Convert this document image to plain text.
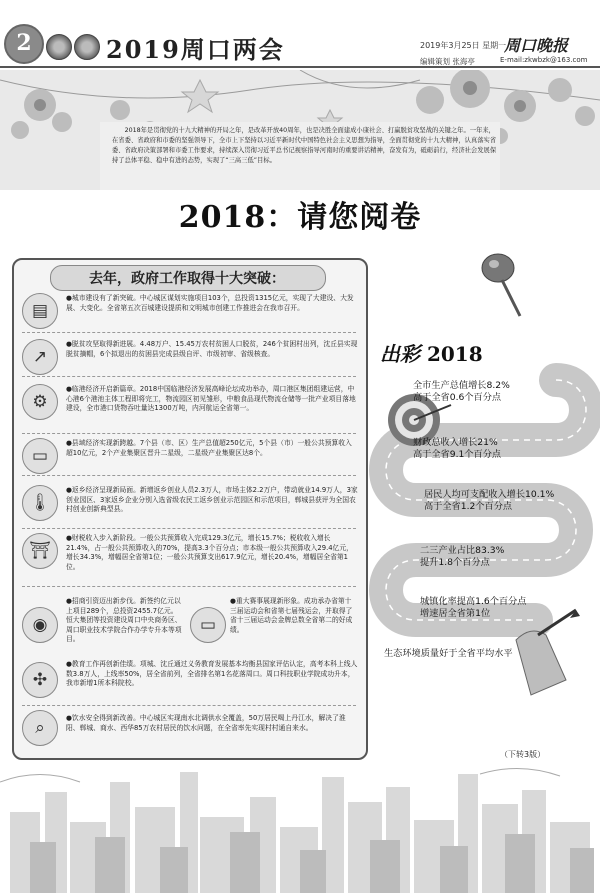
2	2019周口两会	2019年3月25日 星期一
周口晚报
编辑策划 张海亭	E-mail:zkwbzk@163.com
2018年是贯彻党的十九大精神的开局之年，是改革开放40周年，也是决胜全面建成小康社会、打赢脱贫攻坚战的关键之年。一年来，在省委、省政府和市委的坚强领导下，全市上下坚持以习近平新时代中国特色社会主义思想为指导，全面贯彻党的十九大精神，认真落实省委、省政府决策部署和市委工作要求，持续深入贯彻习近平总书记视察指导河南时的重要讲话精神，奋发有为，砥砺前行，经济社会发展保持了总体平稳、稳中有进的态势，实现了“三高三低”目标。
2018：请您阅卷
去年，政府工作取得十大突破：
◉
●招商引资迈出新步伐。新签约亿元以上项目289个，总投资2455.7亿元。恒大集团等投资建设周口中央商务区、周口职业技术学院合作办学专升本等项目。
▭
●重大赛事展现新形象。成功承办省第十三届运动会和省第七届残运会，并取得了省十三届运动会金牌总数全省第二的好成绩。
✣
●教育工作再创新佳绩。项城、沈丘通过义务教育发展基本均衡县国家评估认定，高考本科上线人数3.8万人，上线率50%，居全省前列，全省排名第1名花落周口。周口科技职业学院成功升本，我市新增1所本科院校。
⌕	●饮水安全得到新改善。中心城区实现南水北调供水全覆盖，50万居民喝上丹江水，解决了淮阳、郸城、商水、西华85万农村居民的饮水问题，在全省率先实现村村通自来水。
出彩 2018
（下转3版）
▤
●城市建设有了新突破。中心城区谋划实施项目103个，总投资1315亿元，实现了大建设、大发展、大变化。全省第五次百城建设提质和文明城市创建工作推进会在我市召开。
↗
●脱贫攻坚取得新进展。4.48万户、15.45万农村贫困人口脱贫，246个贫困村出列，沈丘县实现脱贫摘帽，6个拟退出的贫困县完成县级自评、市级初审、省级核查。
⚙
●临港经济开启新篇章。2018中国临港经济发展高峰论坛成功举办，周口港区集团组建运营，中心港6个港池主体工程即将完工，物流园区初见雏形，中粮食品现代物流仓储等一批产业项目落地建设，全市港口货物吞吐量达1300万吨，内河航运全省第一。
▭
●县域经济实现新跨越。7个县（市、区）生产总值超250亿元，5个县（市）一般公共预算收入超10亿元，2个产业集聚区晋升二星级，二星级产业集聚区达8个。
🌡
●返乡经济呈现新局面。新增返乡创业人员2.3万人，市场主体2.2万户，带动就业14.9万人，3家创业园区、3家返乡企业分别入选省级农民工返乡创业示范园区和示范项目，郸城县获评为全国农村创业创新典型县。
⛩
●财税收入步入新阶段。一般公共预算收入完成129.3亿元，增长15.7%；税收收入增长21.4%，占一般公共预算收入的70%，提高3.3个百分点；市本级一般公共预算收入29.4亿元，增长34.3%，增幅居全省第1位；一般公共预算支出617.9亿元，增长20.4%，增幅居全省第1位。
全市生产总值增长8.2%
高于全省0.6个百分点
财政总收入增长21%
高于全省9.1个百分点
居民人均可支配收入增长10.1%
高于全省1.2个百分点
二三产业占比83.3%
提升1.8个百分点
城镇化率提高1.6个百分点
增速居全省第1位
生态环境质量好于全省平均水平
